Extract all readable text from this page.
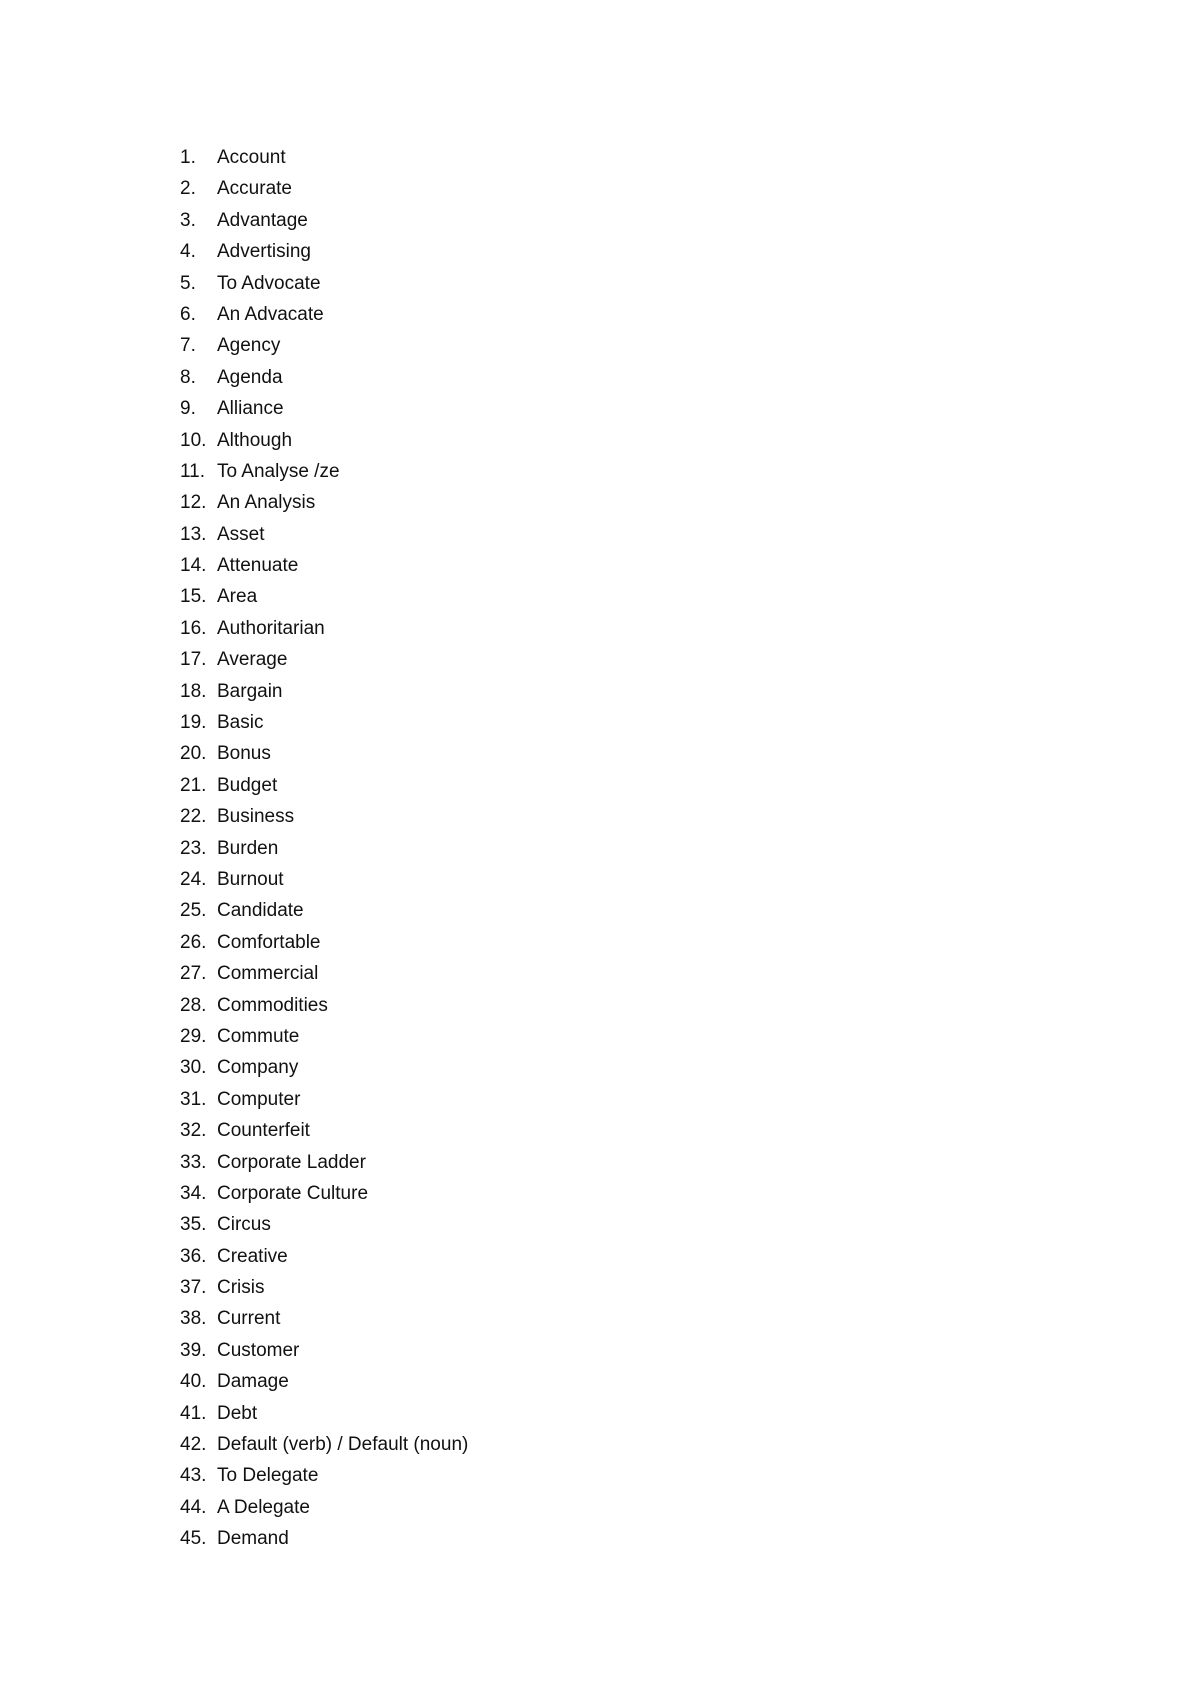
1.	Account
2.	Accurate
3.	Advantage
4.	Advertising
5.	To Advocate
6.	An Advacate
7.	Agency
8.	Agenda
9.	Alliance
10. Although
11. To Analyse /ze
12. An Analysis
13. Asset
14. Attenuate
15. Area
16. Authoritarian
17. Average
18. Bargain
19. Basic
20. Bonus
21. Budget
22. Business
23. Burden
24. Burnout
25. Candidate
26. Comfortable
27. Commercial
28. Commodities
29. Commute
30. Company
31. Computer
32. Counterfeit
33. Corporate Ladder
34. Corporate Culture
35. Circus
36. Creative
37. Crisis
38. Current
39. Customer
40. Damage
41. Debt
42. Default (verb) / Default (noun)
43. To Delegate
44. A Delegate
45. Demand
